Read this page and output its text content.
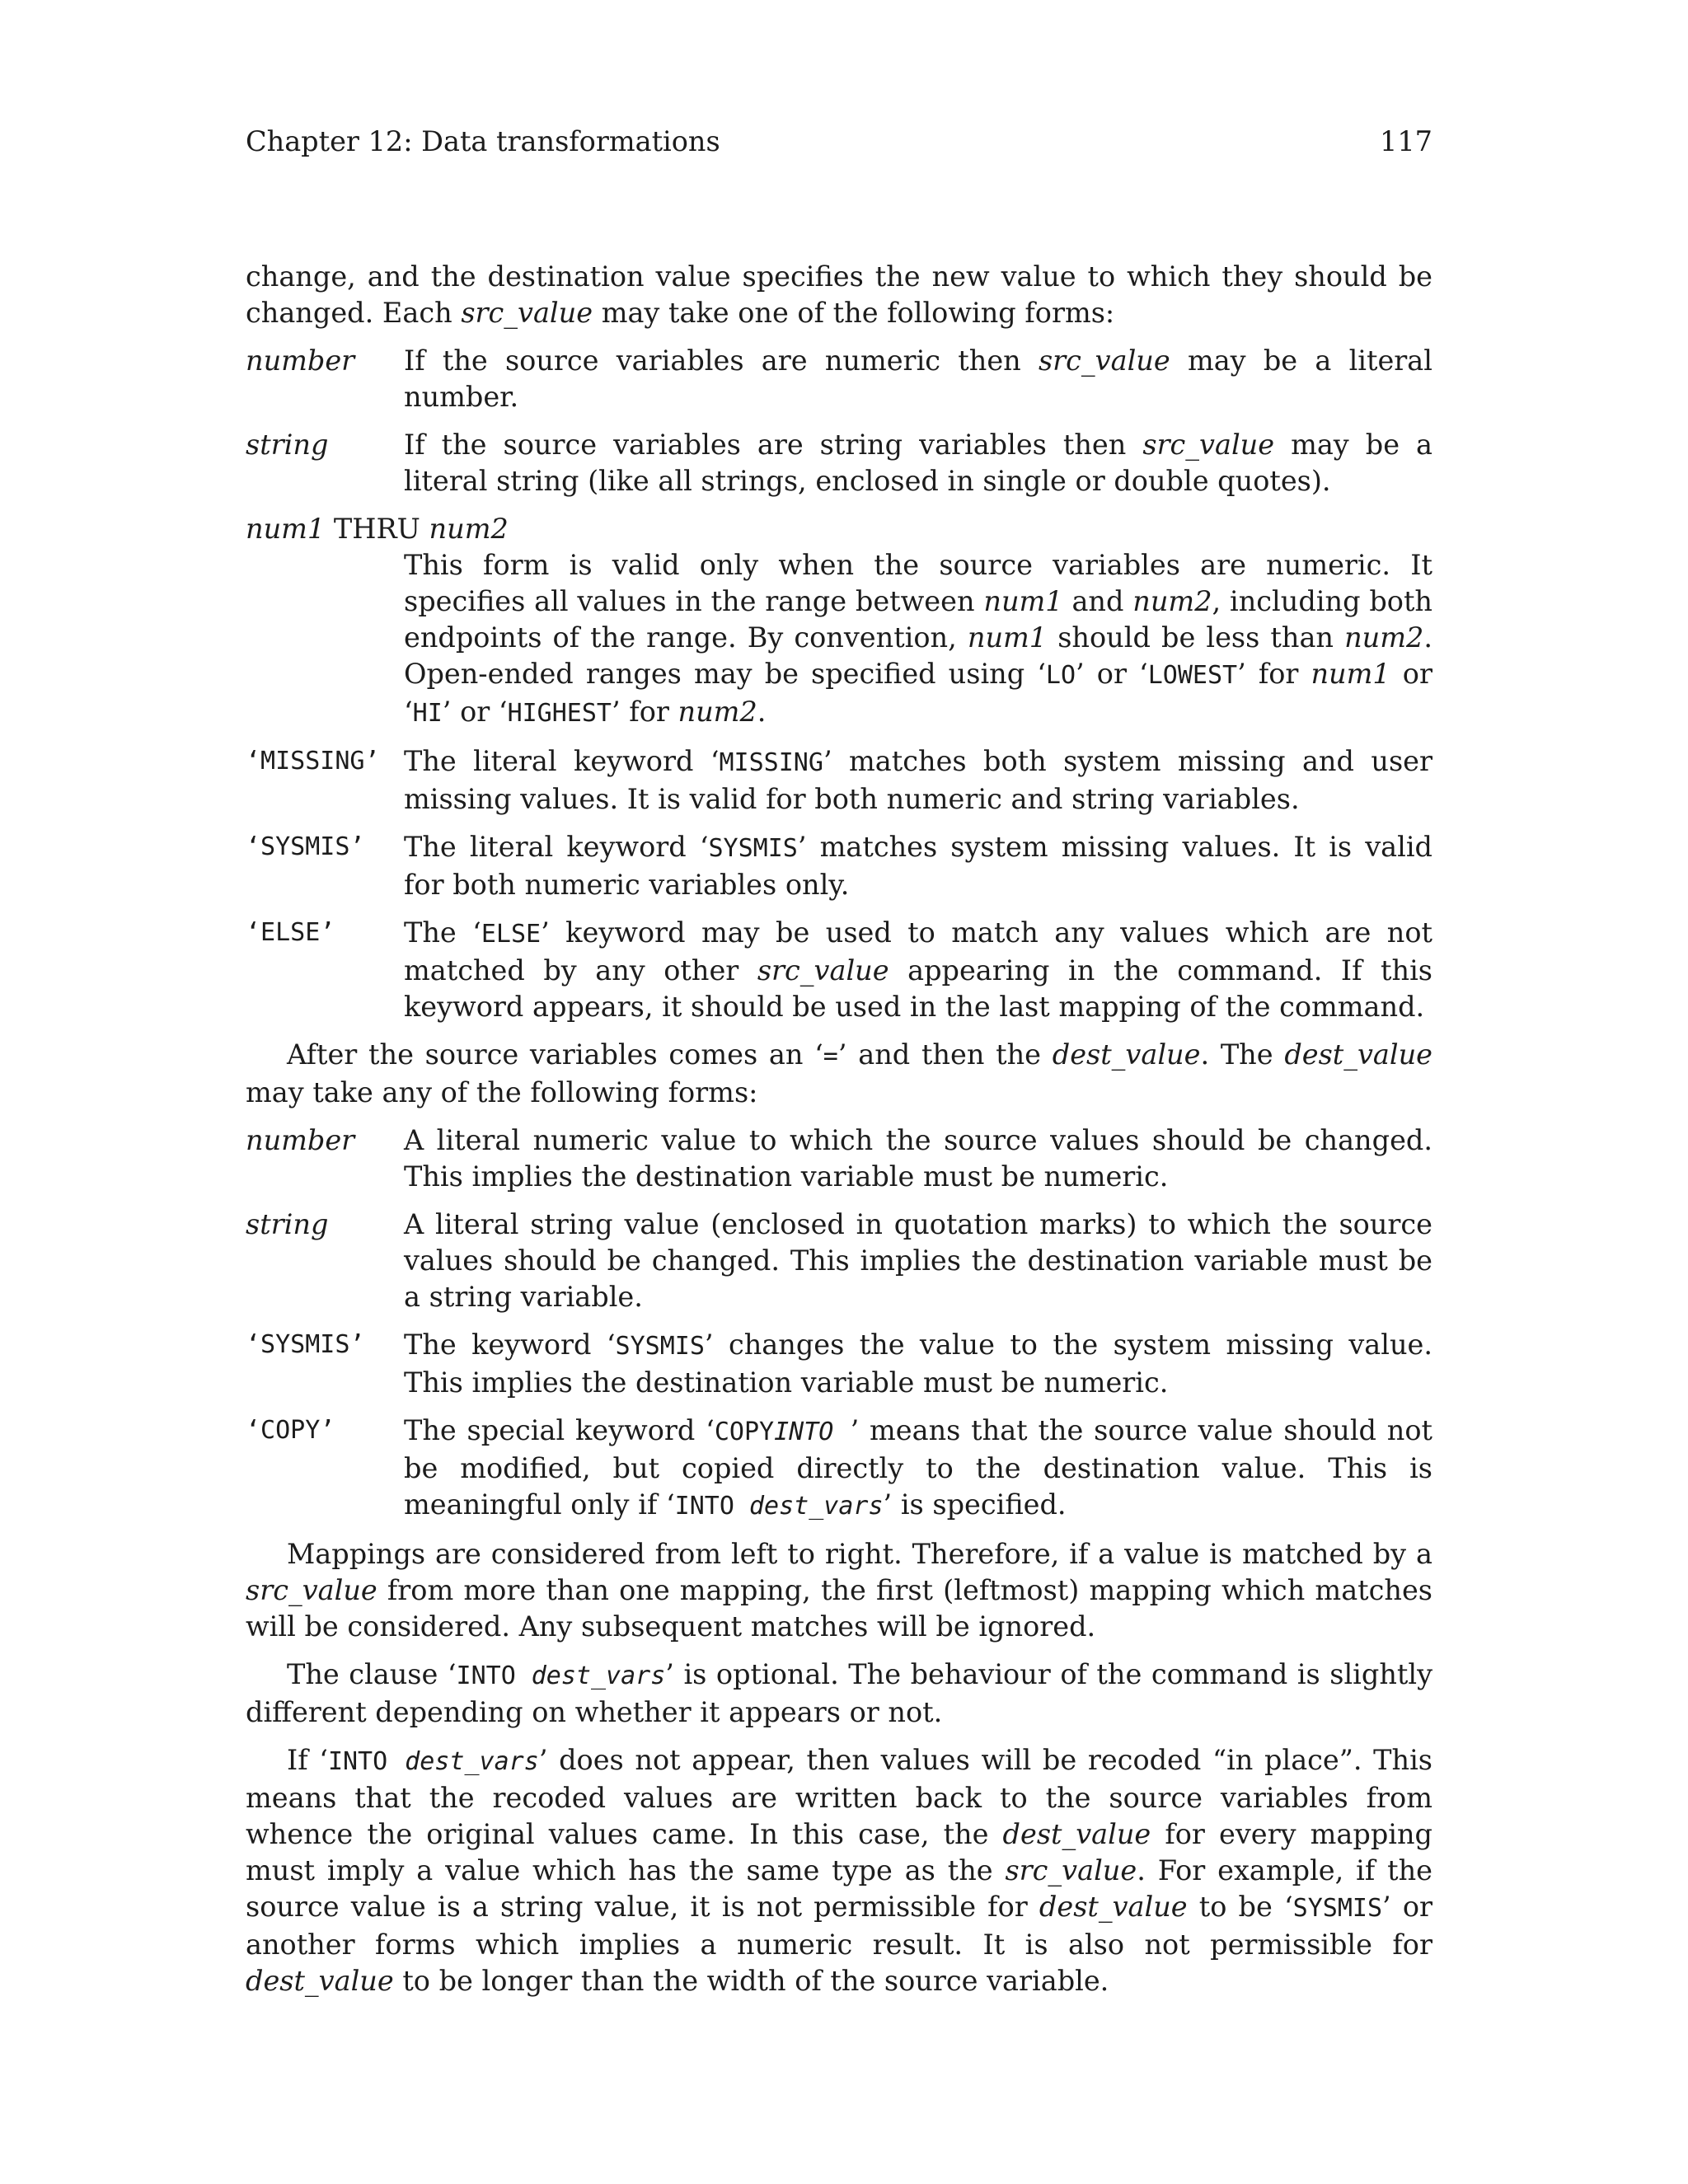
Chapter 12: Data transformations	117

change, and the destination value specifies the new value to which they should be changed. Each src_value may take one of the following forms:

number	If the source variables are numeric then src_value may be a literal number.
string	If the source variables are string variables then src_value may be a literal string (like all strings, enclosed in single or double quotes).
num1 THRU num2
This form is valid only when the source variables are numeric. It specifies all values in the range between num1 and num2, including both endpoints of the range. By convention, num1 should be less than num2. Open-ended ranges may be specified using ‘LO’ or ‘LOWEST’ for num1 or ‘HI’ or ‘HIGHEST’ for num2.
‘MISSING’ The literal keyword ‘MISSING’ matches both system missing and user missing values. It is valid for both numeric and string variables.
‘SYSMIS’	The literal keyword ‘SYSMIS’ matches system missing values. It is valid for both numeric variables only.
‘ELSE’	The ‘ELSE’ keyword may be used to match any values which are not matched by any other src_value appearing in the command. If this keyword appears, it should be used in the last mapping of the command.

After the source variables comes an ‘=’ and then the dest_value. The dest_value may take any of the following forms:

number	A literal numeric value to which the source values should be changed. This implies the destination variable must be numeric.
string	A literal string value (enclosed in quotation marks) to which the source values should be changed. This implies the destination variable must be a string variable.
‘SYSMIS’	The keyword ‘SYSMIS’ changes the value to the system missing value. This implies the destination variable must be numeric.
‘COPY’	The special keyword ‘COPYINTO ’ means that the source value should not be modified, but copied directly to the destination value. This is meaningful only if ‘INTO dest_vars’ is specified.

Mappings are considered from left to right. Therefore, if a value is matched by a src_value from more than one mapping, the first (leftmost) mapping which matches will be considered. Any subsequent matches will be ignored.

The clause ‘INTO dest_vars’ is optional. The behaviour of the command is slightly different depending on whether it appears or not.

If ‘INTO dest_vars’ does not appear, then values will be recoded “in place”. This means that the recoded values are written back to the source variables from whence the original values came. In this case, the dest_value for every mapping must imply a value which has the same type as the src_value. For example, if the source value is a string value, it is not permissible for dest_value to be ‘SYSMIS’ or another forms which implies a numeric result. It is also not permissible for dest_value to be longer than the width of the source variable.
